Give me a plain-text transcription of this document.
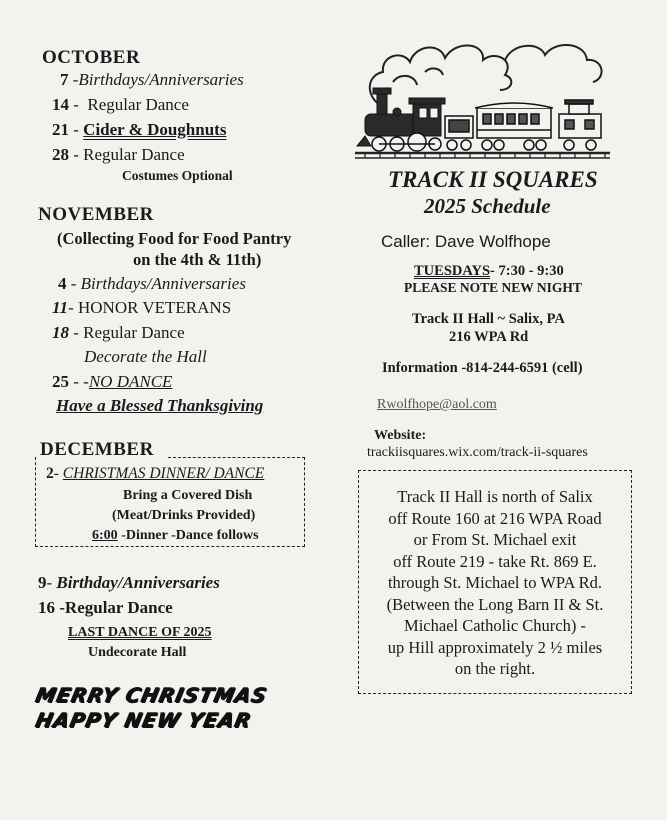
OCTOBER
7 -Birthdays/Anniversaries
14 -  Regular Dance
21 - Cider & Doughnuts
28 - Regular Dance
Costumes Optional
NOVEMBER
(Collecting Food for Food Pantry
on the 4th & 11th)
4 - Birthdays/Anniversaries
11- HONOR VETERANS
18 - Regular Dance
Decorate the Hall
25 - -NO DANCE
Have a Blessed Thanksgiving
DECEMBER
2- CHRISTMAS DINNER/ DANCE
Bring a Covered Dish
(Meat/Drinks Provided)
6:00 -Dinner -Dance follows
9- Birthday/Anniversaries
16 -Regular Dance
LAST DANCE OF 2025
Undecorate Hall
MERRY CHRISTMAS
HAPPY NEW YEAR
TRACK II SQUARES
2025 Schedule
Caller: Dave Wolfhope
TUESDAYS- 7:30 - 9:30
PLEASE NOTE NEW NIGHT
Track II Hall ~ Salix, PA
216 WPA Rd
Information -814-244-6591 (cell)
Rwolfhope@aol.com
Website:
trackiisquares.wix.com/track-ii-squares
Track II Hall is north of Salix
off Route 160 at 216 WPA Road
or From St. Michael exit
off Route 219 - take Rt. 869 E.
through St. Michael to WPA Rd.
(Between the Long Barn II & St.
Michael Catholic Church) -
up Hill approximately 2 ½ miles
on the right.
